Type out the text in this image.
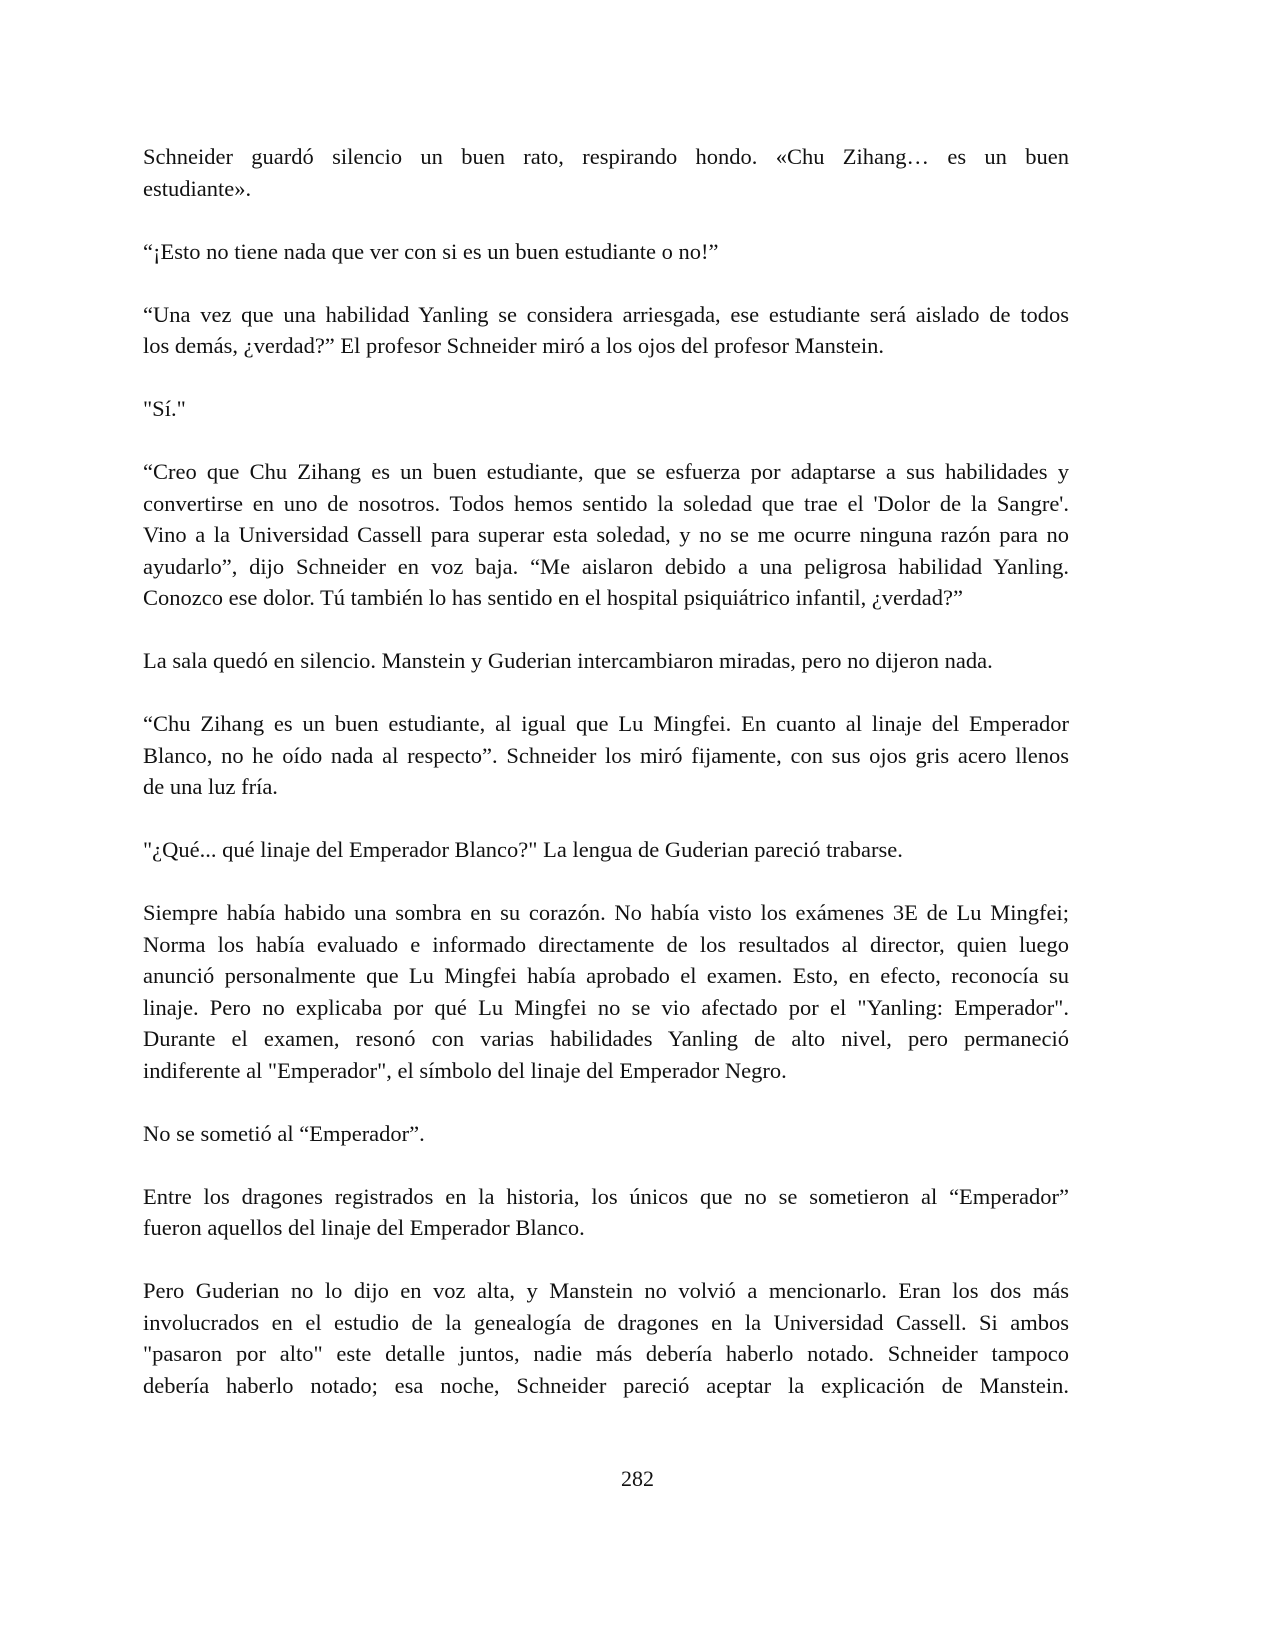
Schneider guardó silencio un buen rato, respirando hondo. «Chu Zihang… es un buen
estudiante».

“¡Esto no tiene nada que ver con si es un buen estudiante o no!”

“Una vez que una habilidad Yanling se considera arriesgada, ese estudiante será aislado de todos
los demás, ¿verdad?” El profesor Schneider miró a los ojos del profesor Manstein.

"Sí."

“Creo que Chu Zihang es un buen estudiante, que se esfuerza por adaptarse a sus habilidades y
convertirse en uno de nosotros. Todos hemos sentido la soledad que trae el 'Dolor de la Sangre'.
Vino a la Universidad Cassell para superar esta soledad, y no se me ocurre ninguna razón para no
ayudarlo”, dijo Schneider en voz baja. “Me aislaron debido a una peligrosa habilidad Yanling.
Conozco ese dolor. Tú también lo has sentido en el hospital psiquiátrico infantil, ¿verdad?”

La sala quedó en silencio. Manstein y Guderian intercambiaron miradas, pero no dijeron nada.

“Chu Zihang es un buen estudiante, al igual que Lu Mingfei. En cuanto al linaje del Emperador
Blanco, no he oído nada al respecto”. Schneider los miró fijamente, con sus ojos gris acero llenos
de una luz fría.

"¿Qué... qué linaje del Emperador Blanco?" La lengua de Guderian pareció trabarse.

Siempre había habido una sombra en su corazón. No había visto los exámenes 3E de Lu Mingfei;
Norma los había evaluado e informado directamente de los resultados al director, quien luego
anunció personalmente que Lu Mingfei había aprobado el examen. Esto, en efecto, reconocía su
linaje. Pero no explicaba por qué Lu Mingfei no se vio afectado por el "Yanling: Emperador".
Durante el examen, resonó con varias habilidades Yanling de alto nivel, pero permaneció
indiferente al "Emperador", el símbolo del linaje del Emperador Negro.

No se sometió al “Emperador”.

Entre los dragones registrados en la historia, los únicos que no se sometieron al “Emperador”
fueron aquellos del linaje del Emperador Blanco.

Pero Guderian no lo dijo en voz alta, y Manstein no volvió a mencionarlo. Eran los dos más
involucrados en el estudio de la genealogía de dragones en la Universidad Cassell. Si ambos
"pasaron por alto" este detalle juntos, nadie más debería haberlo notado. Schneider tampoco
debería haberlo notado; esa noche, Schneider pareció aceptar la explicación de Manstein.

282
